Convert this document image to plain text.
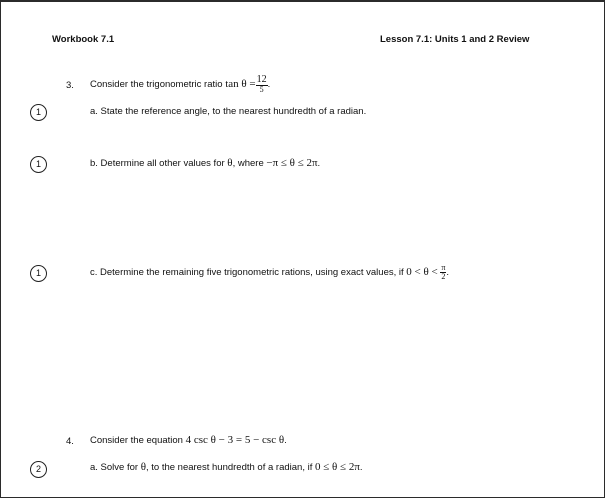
Workbook 7.1	Lesson 7.1: Units 1 and 2 Review
3. Consider the trigonometric ratio $\tan \theta = \frac{12}{5}$ .
1	a. State the reference angle, to the nearest hundredth of a radian.
1	b. Determine all other values for θ, where −π ≤ θ ≤ 2π.
1	c. Determine the remaining five trigonometric rations, using exact values, if $0 < \theta < \frac{\pi}{2}$ .
4. Consider the equation 4 csc θ − 3 = 5 − csc θ.
2	a. Solve for θ, to the nearest hundredth of a radian, if 0 ≤ θ ≤ 2π.
